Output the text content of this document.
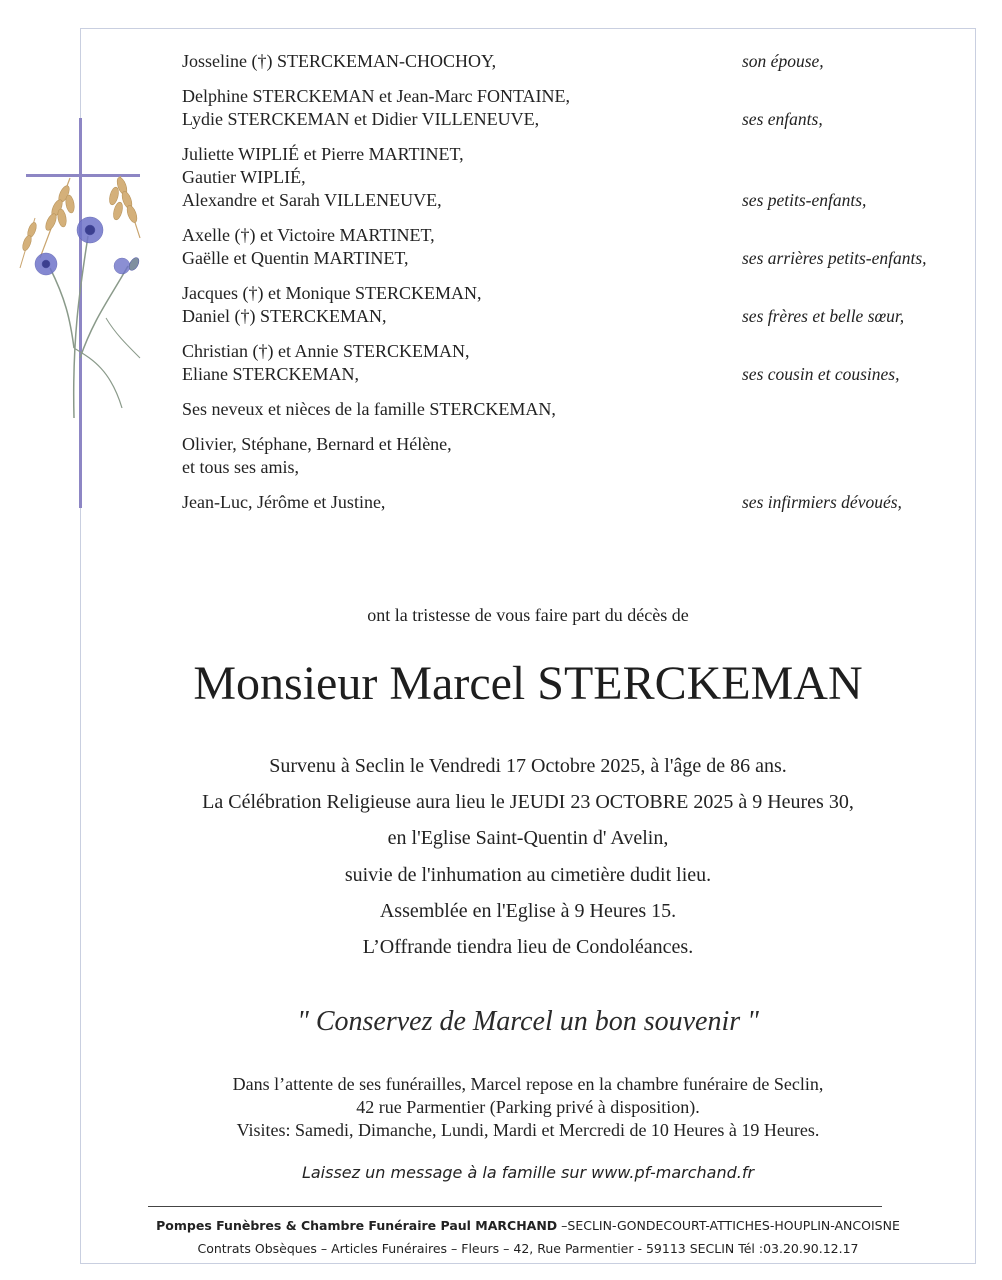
Josseline (†) STERCKEMAN-CHOCHOY,	son épouse,
Delphine STERCKEMAN et Jean-Marc FONTAINE,
Lydie STERCKEMAN et Didier VILLENEUVE,	ses enfants,
Juliette WIPLIÉ et Pierre MARTINET,
Gautier WIPLIÉ,
Alexandre et Sarah VILLENEUVE,	ses petits-enfants,
Axelle (†) et Victoire MARTINET,
Gaëlle et Quentin MARTINET,	ses arrières petits-enfants,
Jacques (†) et Monique STERCKEMAN,
Daniel (†) STERCKEMAN,	ses frères et belle sœur,
Christian (†) et Annie STERCKEMAN,
Eliane STERCKEMAN,	ses cousin et cousines,
Ses neveux et nièces de la famille STERCKEMAN,
Olivier, Stéphane, Bernard et Hélène,
et tous ses amis,
Jean-Luc, Jérôme et Justine,	ses infirmiers dévoués,
ont la tristesse de vous faire part du décès de
Monsieur Marcel STERCKEMAN
Survenu à Seclin le Vendredi 17 Octobre 2025, à l'âge de 86 ans.
La Célébration Religieuse aura lieu le JEUDI 23 OCTOBRE 2025 à 9 Heures 30,
en l'Eglise Saint-Quentin d' Avelin,
suivie de l'inhumation au cimetière dudit lieu.
Assemblée en l'Eglise à 9 Heures 15.
L’Offrande tiendra lieu de Condoléances.
" Conservez de Marcel un bon souvenir "
Dans l’attente de ses funérailles, Marcel repose en la chambre funéraire de Seclin,
42 rue Parmentier (Parking privé à disposition).
Visites: Samedi, Dimanche, Lundi, Mardi et Mercredi de 10 Heures à 19 Heures.
Laissez un message à la famille sur www.pf-marchand.fr
Pompes Funèbres & Chambre Funéraire Paul MARCHAND –SECLIN-GONDECOURT-ATTICHES-HOUPLIN-ANCOISNE
Contrats Obsèques – Articles Funéraires – Fleurs – 42, Rue Parmentier - 59113 SECLIN Tél :03.20.90.12.17
